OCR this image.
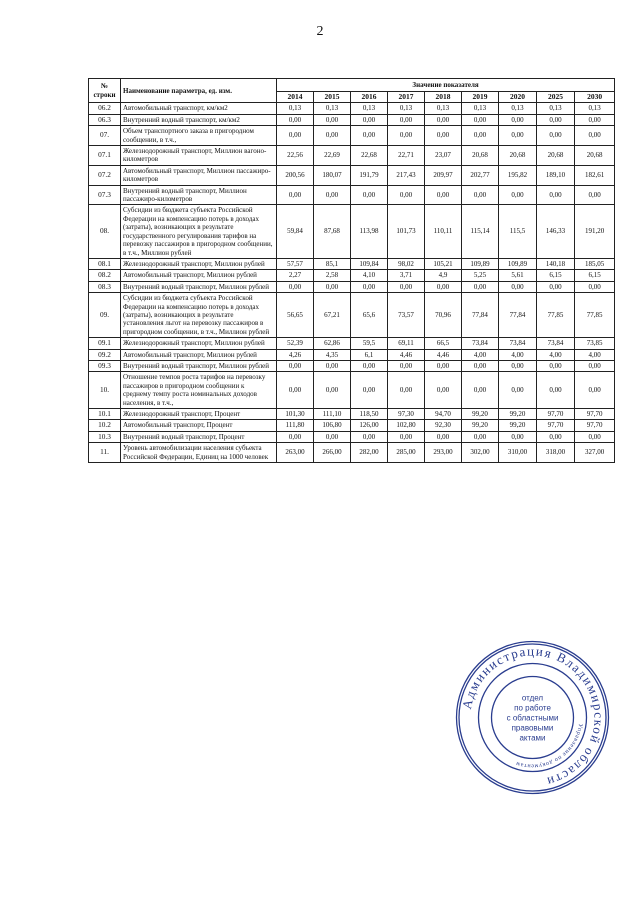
2
№ строки	Наименование параметра, ед. изм.	Значение показателя								
		2014	2015	2016	2017	2018	2019	2020	2025	2030
06.2	Автомобильный транспорт, км/км2	0,13	0,13	0,13	0,13	0,13	0,13	0,13	0,13	0,13
06.3	Внутренний водный транспорт, км/км2	0,00	0,00	0,00	0,00	0,00	0,00	0,00	0,00	0,00
07.	Объем транспортного заказа в пригородном сообщении, в т.ч.,	0,00	0,00	0,00	0,00	0,00	0,00	0,00	0,00	0,00
07.1	Железнодорожный транспорт, Миллион вагоно-километров	22,56	22,69	22,68	22,71	23,07	20,68	20,68	20,68	20,68
07.2	Автомобильный транспорт, Миллион пассажиро-километров	200,56	180,07	191,79	217,43	209,97	202,77	195,82	189,10	182,61
07.3	Внутренний водный транспорт, Миллион пассажиро-километров	0,00	0,00	0,00	0,00	0,00	0,00	0,00	0,00	0,00
08.	Субсидии из бюджета субъекта Российской Федерации на компенсацию потерь в доходах (затраты), возникающих в результате государственного регулирования тарифов на перевозку пассажиров в пригородном сообщении, в т.ч., Миллион рублей	59,84	87,68	113,98	101,73	110,11	115,14	115,5	146,33	191,20
08.1	Железнодорожный транспорт, Миллион рублей	57,57	85,1	109,84	98,02	105,21	109,89	109,89	140,18	185,05
08.2	Автомобильный транспорт, Миллион рублей	2,27	2,58	4,10	3,71	4,9	5,25	5,61	6,15	6,15
08.3	Внутренний водный транспорт, Миллион рублей	0,00	0,00	0,00	0,00	0,00	0,00	0,00	0,00	0,00
09.	Субсидии из бюджета субъекта Российской Федерации на компенсацию потерь в доходах (затраты), возникающих в результате установления льгот на перевозку пассажиров в пригородном сообщении, в т.ч., Миллион рублей	56,65	67,21	65,6	73,57	70,96	77,84	77,84	77,85	77,85
09.1	Железнодорожный транспорт, Миллион рублей	52,39	62,86	59,5	69,11	66,5	73,84	73,84	73,84	73,85
09.2	Автомобильный транспорт, Миллион рублей	4,26	4,35	6,1	4,46	4,46	4,00	4,00	4,00	4,00
09.3	Внутренний водный транспорт, Миллион рублей	0,00	0,00	0,00	0,00	0,00	0,00	0,00	0,00	0,00
10.	Отношение темпов роста тарифов на перевозку пассажиров в пригородном сообщении к среднему темпу роста номинальных доходов населения, в т.ч.,	0,00	0,00	0,00	0,00	0,00	0,00	0,00	0,00	0,00
10.1	Железнодорожный транспорт, Процент	101,30	111,10	118,50	97,30	94,70	99,20	99,20	97,70	97,70
10.2	Автомобильный транспорт, Процент	111,80	106,80	126,00	102,80	92,30	99,20	99,20	97,70	97,70
10.3	Внутренний водный транспорт, Процент	0,00	0,00	0,00	0,00	0,00	0,00	0,00	0,00	0,00
11.	Уровень автомобилизации населения субъекта Российской Федерации, Единиц на 1000 человек	263,00	266,00	282,00	285,00	293,00	302,00	310,00	318,00	327,00
Администрация Владимирской области
Управление по документам
отдел
по работе
с областными
правовыми
актами
